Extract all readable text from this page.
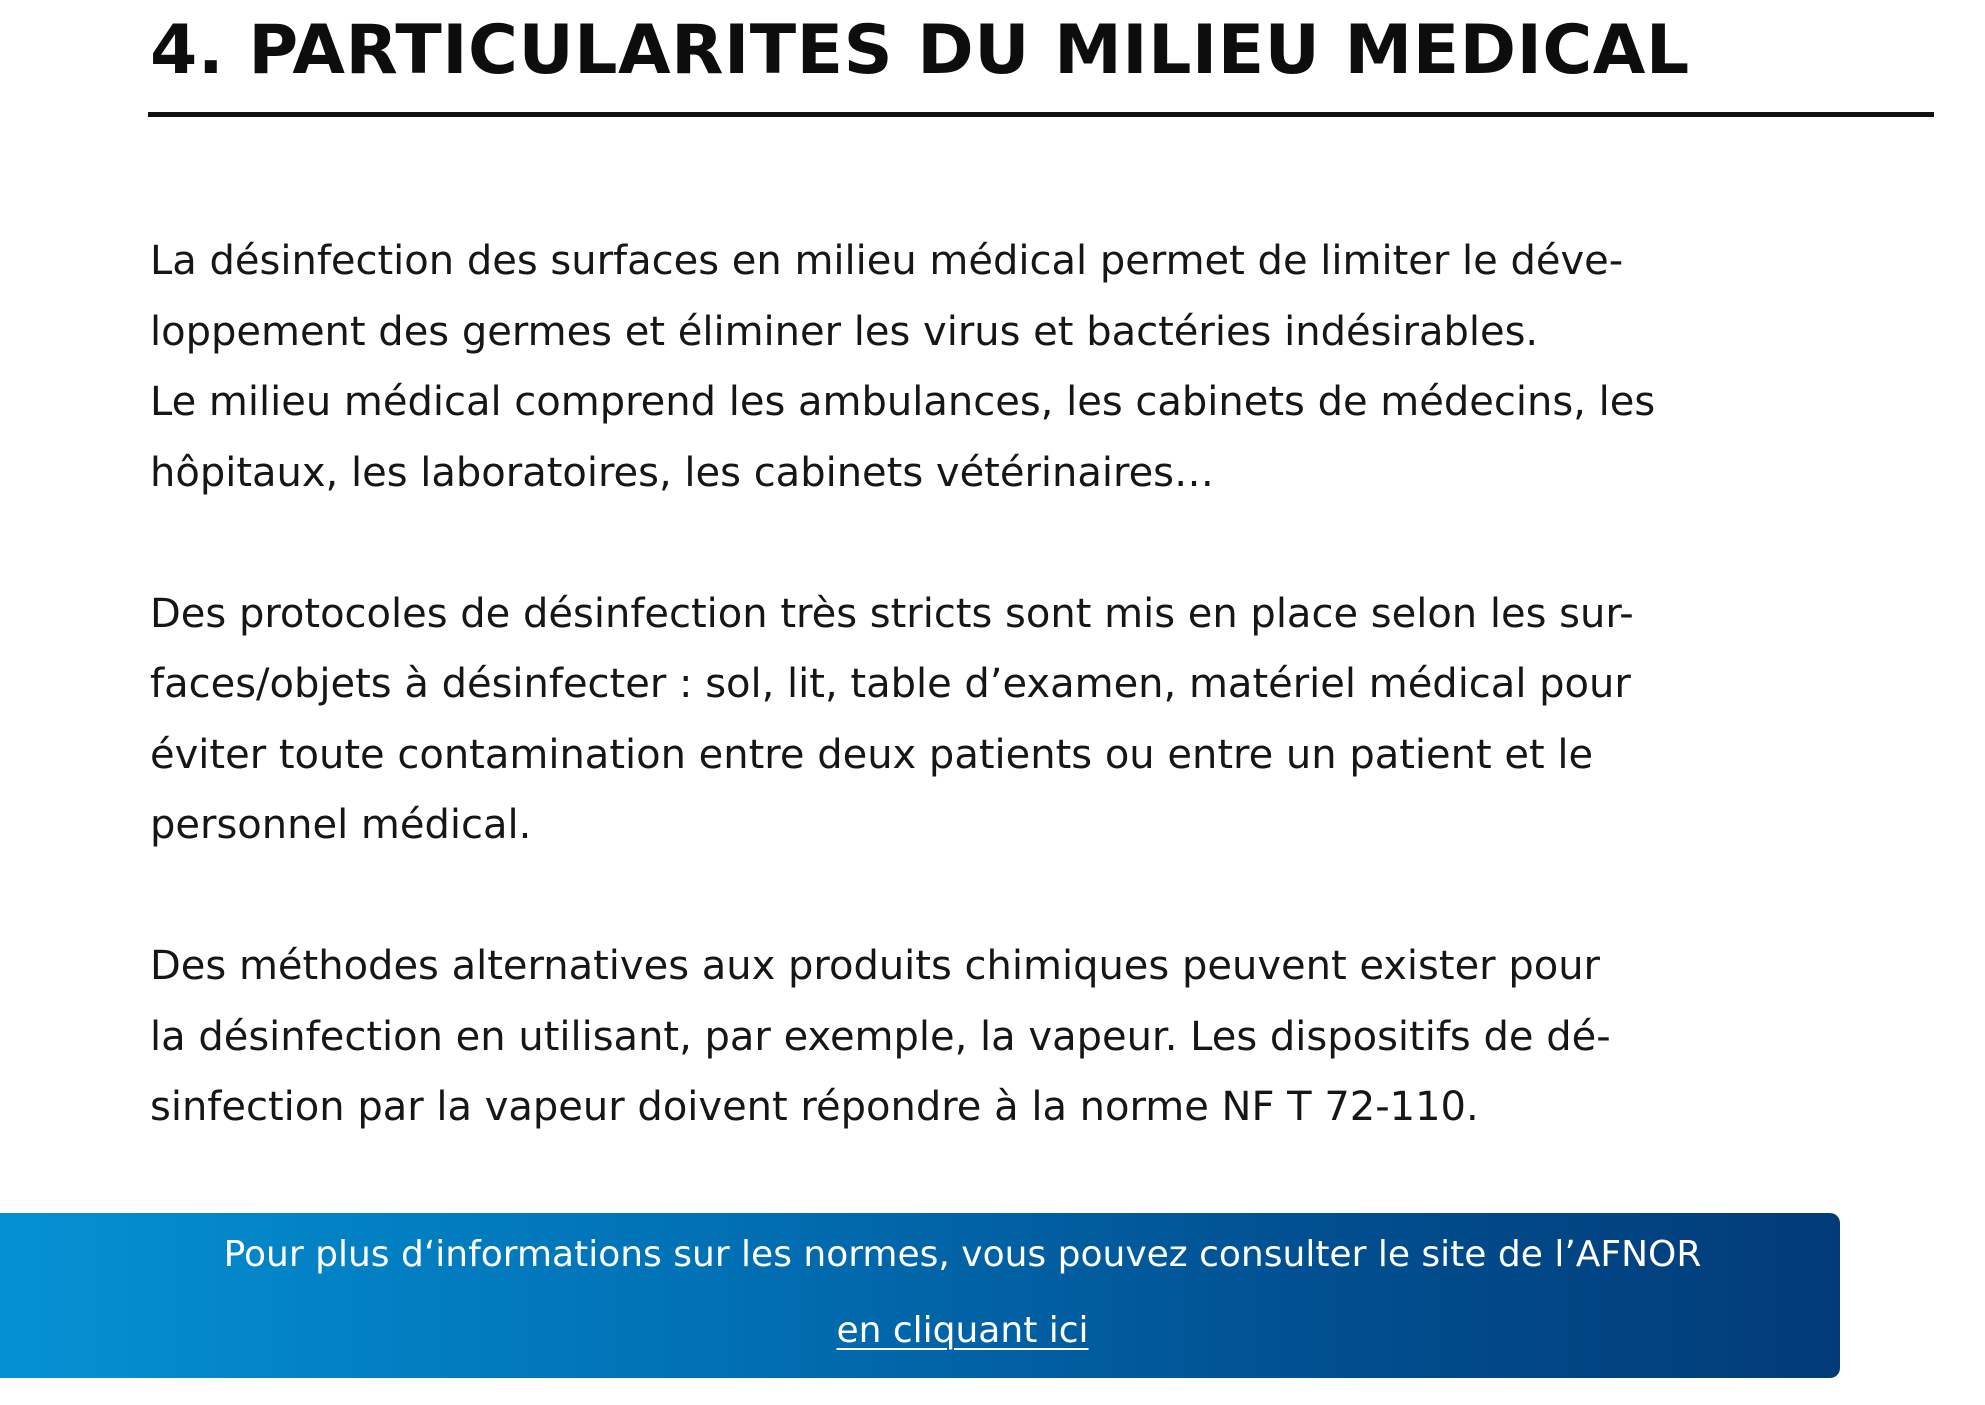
4. PARTICULARITES DU MILIEU MEDICAL

La désinfection des surfaces en milieu médical permet de limiter le déve-
loppement des germes et éliminer les virus et bactéries indésirables.
Le milieu médical comprend les ambulances, les cabinets de médecins, les
hôpitaux, les laboratoires, les cabinets vétérinaires…

Des protocoles de désinfection très stricts sont mis en place selon les sur-
faces/objets à désinfecter : sol, lit, table d’examen, matériel médical pour
éviter toute contamination entre deux patients ou entre un patient et le
personnel médical.

Des méthodes alternatives aux produits chimiques peuvent exister pour
la désinfection en utilisant, par exemple, la vapeur. Les dispositifs de dé-
sinfection par la vapeur doivent répondre à la norme NF T 72-110.

Pour plus d‘informations sur les normes, vous pouvez consulter le site de l’AFNOR

en cliquant ici
